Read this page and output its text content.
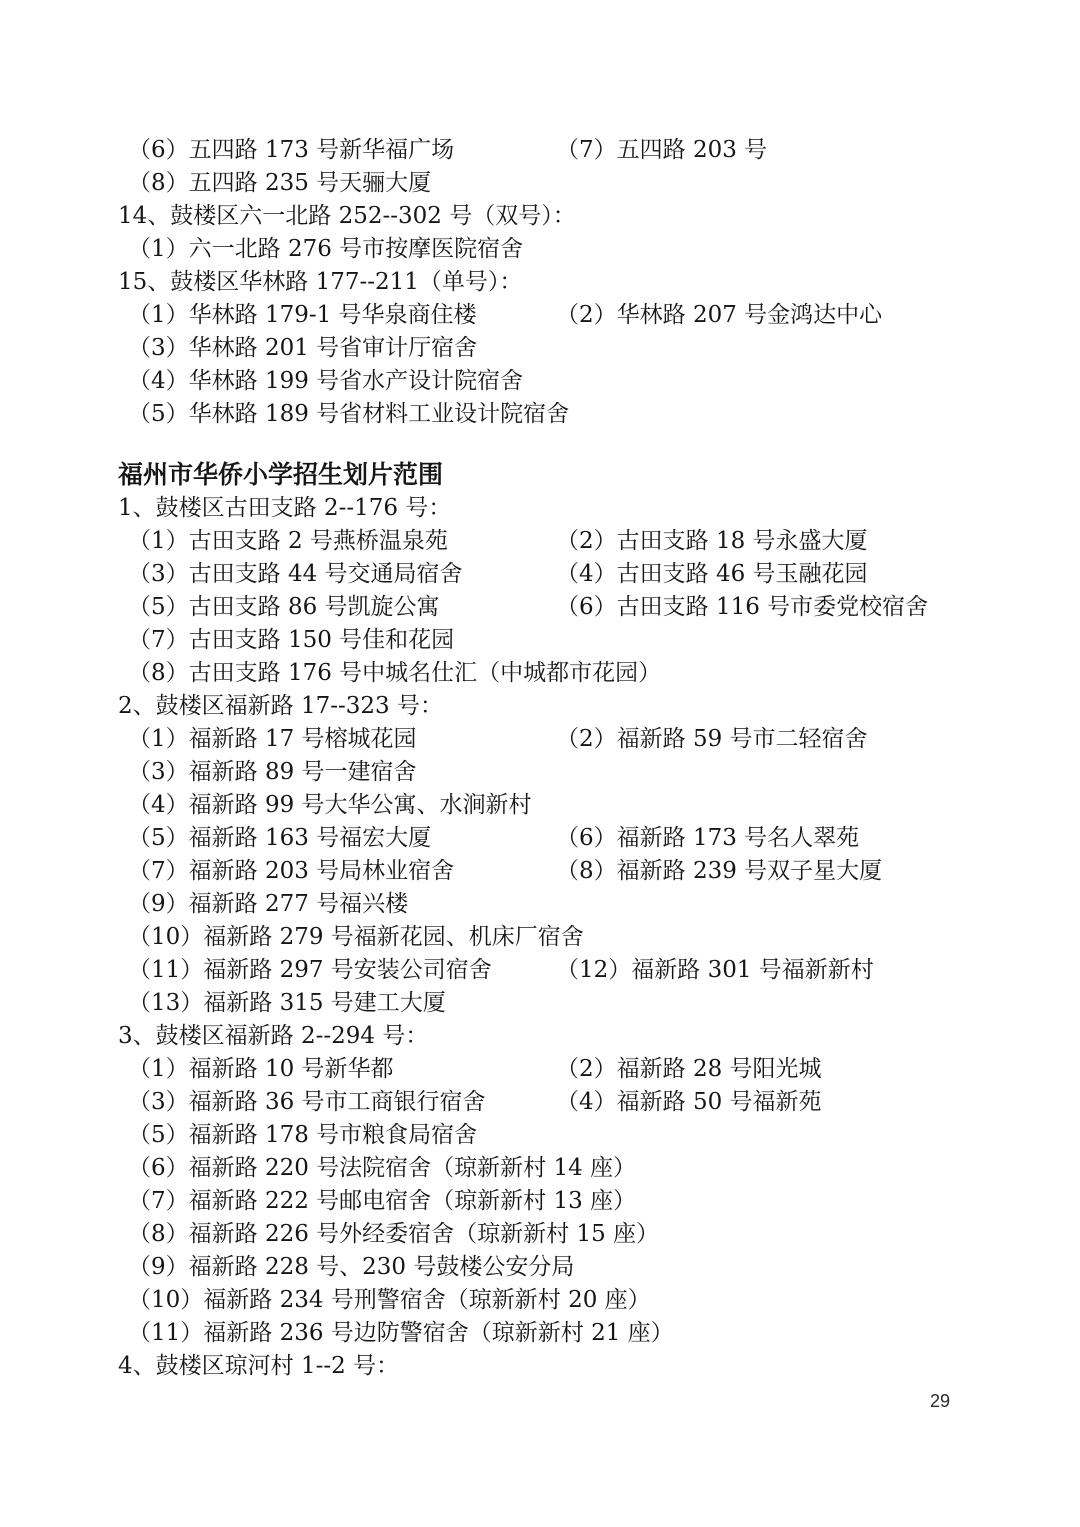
（6）五四路 173 号新华福广场	（7）五四路 203 号
（8）五四路 235 号天骊大厦
14、鼓楼区六一北路 252--302 号（双号）：
（1）六一北路 276 号市按摩医院宿舍
15、鼓楼区华林路 177--211（单号）：
（1）华林路 179-1 号华泉商住楼	（2）华林路 207 号金鸿达中心
（3）华林路 201 号省审计厅宿舍
（4）华林路 199 号省水产设计院宿舍
（5）华林路 189 号省材料工业设计院宿舍
福州市华侨小学招生划片范围
1、鼓楼区古田支路 2--176 号：
（1）古田支路 2 号燕桥温泉苑	（2）古田支路 18 号永盛大厦
（3）古田支路 44 号交通局宿舍	（4）古田支路 46 号玉融花园
（5）古田支路 86 号凯旋公寓	（6）古田支路 116 号市委党校宿舍
（7）古田支路 150 号佳和花园
（8）古田支路 176 号中城名仕汇（中城都市花园）
2、鼓楼区福新路 17--323 号：
（1）福新路 17 号榕城花园	（2）福新路 59 号市二轻宿舍
（3）福新路 89 号一建宿舍
（4）福新路 99 号大华公寓、水涧新村
（5）福新路 163 号福宏大厦	（6）福新路 173 号名人翠苑
（7）福新路 203 号局林业宿舍	（8）福新路 239 号双子星大厦
（9）福新路 277 号福兴楼
（10）福新路 279 号福新花园、机床厂宿舍
（11）福新路 297 号安装公司宿舍	（12）福新路 301 号福新新村
（13）福新路 315 号建工大厦
3、鼓楼区福新路 2--294 号：
（1）福新路 10 号新华都	（2）福新路 28 号阳光城
（3）福新路 36 号市工商银行宿舍	（4）福新路 50 号福新苑
（5）福新路 178 号市粮食局宿舍
（6）福新路 220 号法院宿舍（琼新新村 14 座）
（7）福新路 222 号邮电宿舍（琼新新村 13 座）
（8）福新路 226 号外经委宿舍（琼新新村 15 座）
（9）福新路 228 号、230 号鼓楼公安分局
（10）福新路 234 号刑警宿舍（琼新新村 20 座）
（11）福新路 236 号边防警宿舍（琼新新村 21 座）
4、鼓楼区琼河村 1--2 号：
29
